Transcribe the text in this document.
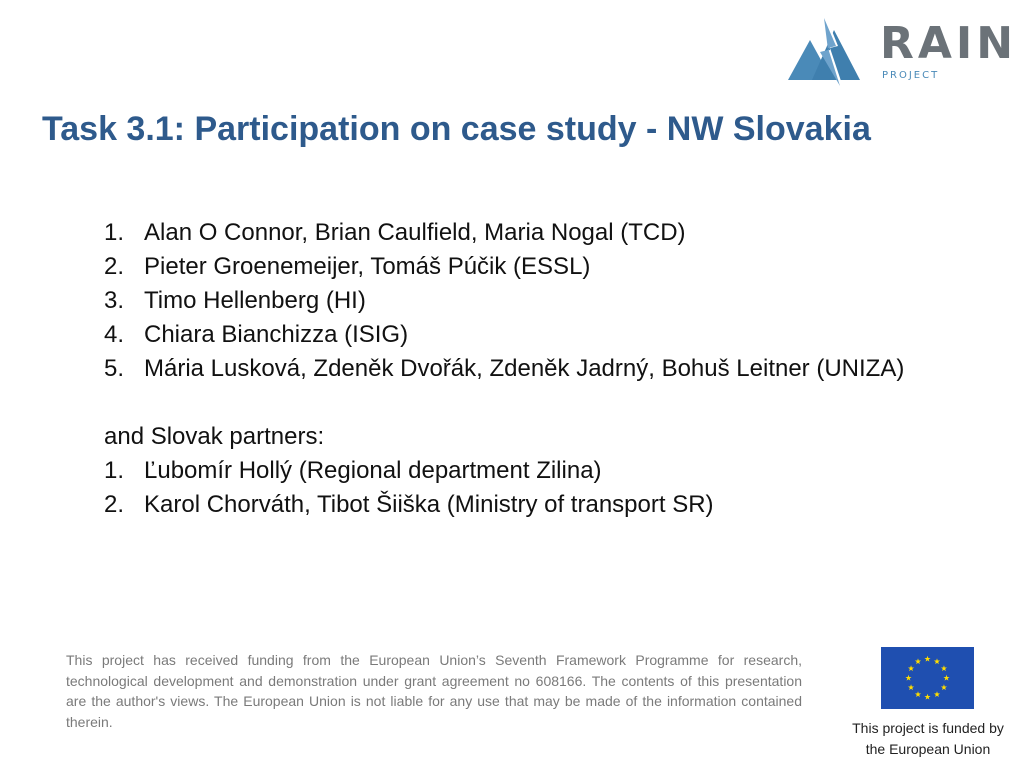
RAIN
PROJECT
Task 3.1: Participation on case study - NW Slovakia
1. Alan O Connor, Brian Caulfield, Maria Nogal (TCD)
2. Pieter Groenemeijer, Tomáš Púčik (ESSL)
3. Timo Hellenberg (HI)
4. Chiara Bianchizza (ISIG)
5. Mária Lusková, Zdeněk Dvořák, Zdeněk Jadrný, Bohuš Leitner (UNIZA)
and Slovak partners:
1. Ľubomír Hollý (Regional department Zilina)
2. Karol Chorváth, Tibot Šiiška (Ministry of transport SR)
This project has received funding from the European Union’s Seventh Framework Programme for research, technological development and demonstration under grant agreement no 608166. The contents of this presentation are the author's views. The European Union is not liable for any use that may be made of the information contained therein.	This project is funded by
the European Union
